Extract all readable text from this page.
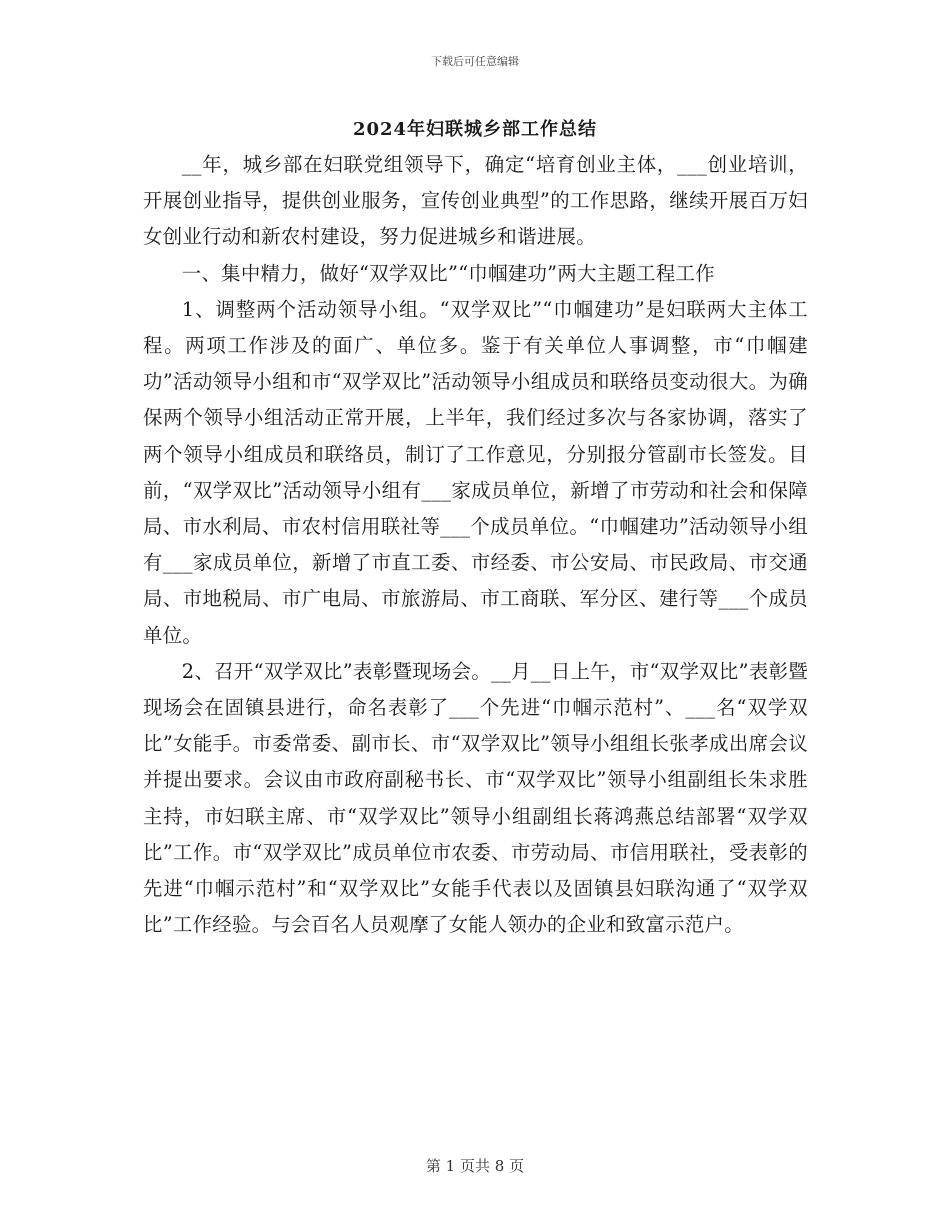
下载后可任意编辑
2024年妇联城乡部工作总结

__年，城乡部在妇联党组领导下，确定“培育创业主体，___创业培训，开展创业指导，提供创业服务，宣传创业典型”的工作思路，继续开展百万妇女创业行动和新农村建设，努力促进城乡和谐进展。

一、集中精力，做好“双学双比”“巾帼建功”两大主题工程工作

1、调整两个活动领导小组。“双学双比”“巾帼建功”是妇联两大主体工程。两项工作涉及的面广、单位多。鉴于有关单位人事调整，市“巾帼建功”活动领导小组和市“双学双比”活动领导小组成员和联络员变动很大。为确保两个领导小组活动正常开展，上半年，我们经过多次与各家协调，落实了两个领导小组成员和联络员，制订了工作意见，分别报分管副市长签发。目前，“双学双比”活动领导小组有___家成员单位，新增了市劳动和社会和保障局、市水利局、市农村信用联社等___个成员单位。“巾帼建功”活动领导小组有___家成员单位，新增了市直工委、市经委、市公安局、市民政局、市交通局、市地税局、市广电局、市旅游局、市工商联、军分区、建行等___个成员单位。

2、召开“双学双比”表彰暨现场会。__月__日上午，市“双学双比”表彰暨现场会在固镇县进行，命名表彰了___个先进“巾帼示范村”、___名“双学双比”女能手。市委常委、副市长、市“双学双比”领导小组组长张孝成出席会议并提出要求。会议由市政府副秘书长、市“双学双比”领导小组副组长朱求胜主持，市妇联主席、市“双学双比”领导小组副组长蒋鸿燕总结部署“双学双比”工作。市“双学双比”成员单位市农委、市劳动局、市信用联社，受表彰的先进“巾帼示范村”和“双学双比”女能手代表以及固镇县妇联沟通了“双学双比”工作经验。与会百名人员观摩了女能人领办的企业和致富示范户。

第 1 页共 8 页
